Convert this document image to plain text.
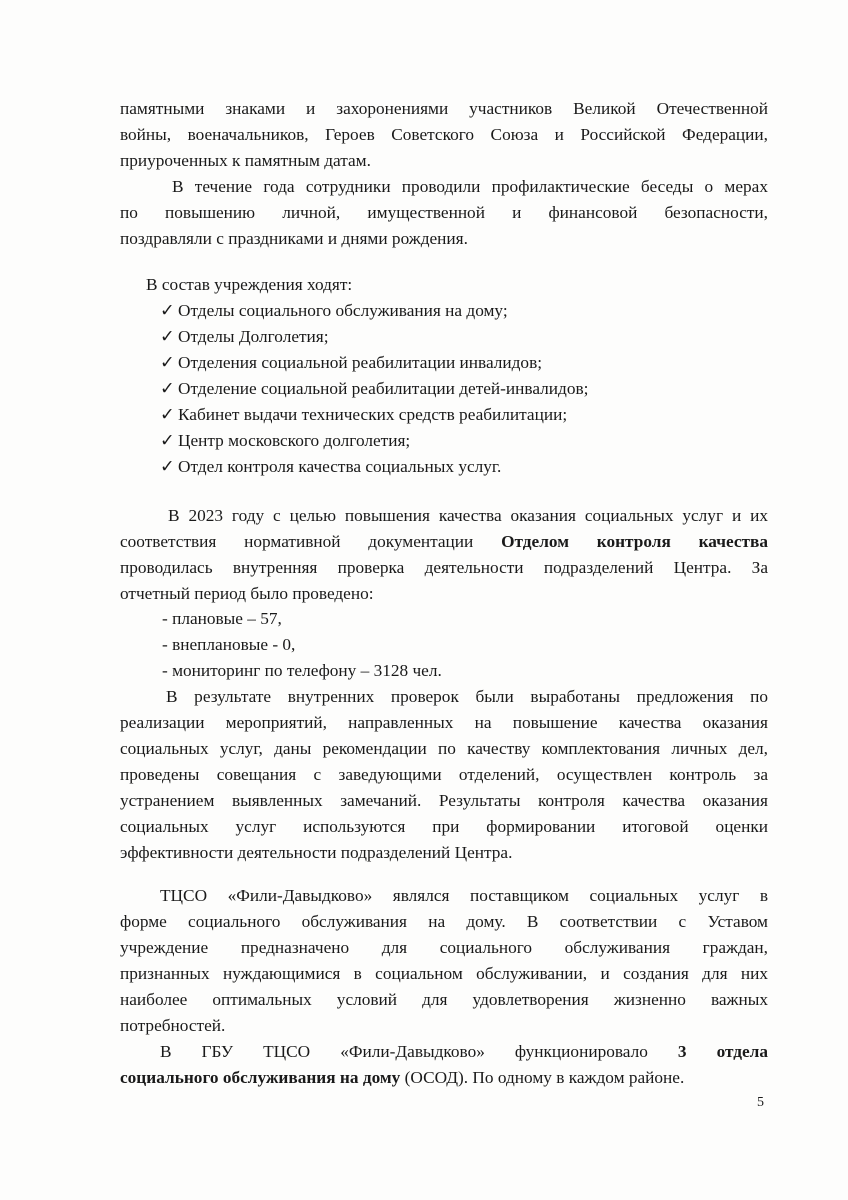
памятными знаками и захоронениями участников Великой Отечественной

войны, военачальников, Героев Советского Союза и Российской Федерации,

приуроченных к памятным датам.

В течение года сотрудники проводили профилактические беседы о мерах

по повышению личной, имущественной и финансовой безопасности,

поздравляли с праздниками и днями рождения.

В состав учреждения ходят:

✓ Отделы социального обслуживания на дому;
✓ Отделы Долголетия;
✓ Отделения социальной реабилитации инвалидов;
✓ Отделение социальной реабилитации детей-инвалидов;
✓ Кабинет выдачи технических средств реабилитации;
✓ Центр московского долголетия;
✓ Отдел контроля качества социальных услуг.

В 2023 году с целью повышения качества оказания социальных услуг и их

соответствия нормативной документации Отделом контроля качества

проводилась внутренняя проверка деятельности подразделений Центра. За

отчетный период было проведено:

- плановые – 57,

- внеплановые - 0,

- мониторинг по телефону – 3128 чел.

В результате внутренних проверок были выработаны предложения по

реализации мероприятий, направленных на повышение качества оказания

социальных услуг, даны рекомендации по качеству комплектования личных дел,

проведены совещания с заведующими отделений, осуществлен контроль за

устранением выявленных замечаний. Результаты контроля качества оказания

социальных услуг используются при формировании итоговой оценки

эффективности деятельности подразделений Центра.

ТЦСО «Фили-Давыдково» являлся поставщиком социальных услуг в

форме социального обслуживания на дому. В соответствии с Уставом

учреждение предназначено для социального обслуживания граждан,

признанных нуждающимися в социальном обслуживании, и создания для них

наиболее оптимальных условий для удовлетворения жизненно важных

потребностей.

В ГБУ ТЦСО «Фили-Давыдково» функционировало 3 отдела

социального обслуживания на дому (ОСОД). По одному в каждом районе.

5
